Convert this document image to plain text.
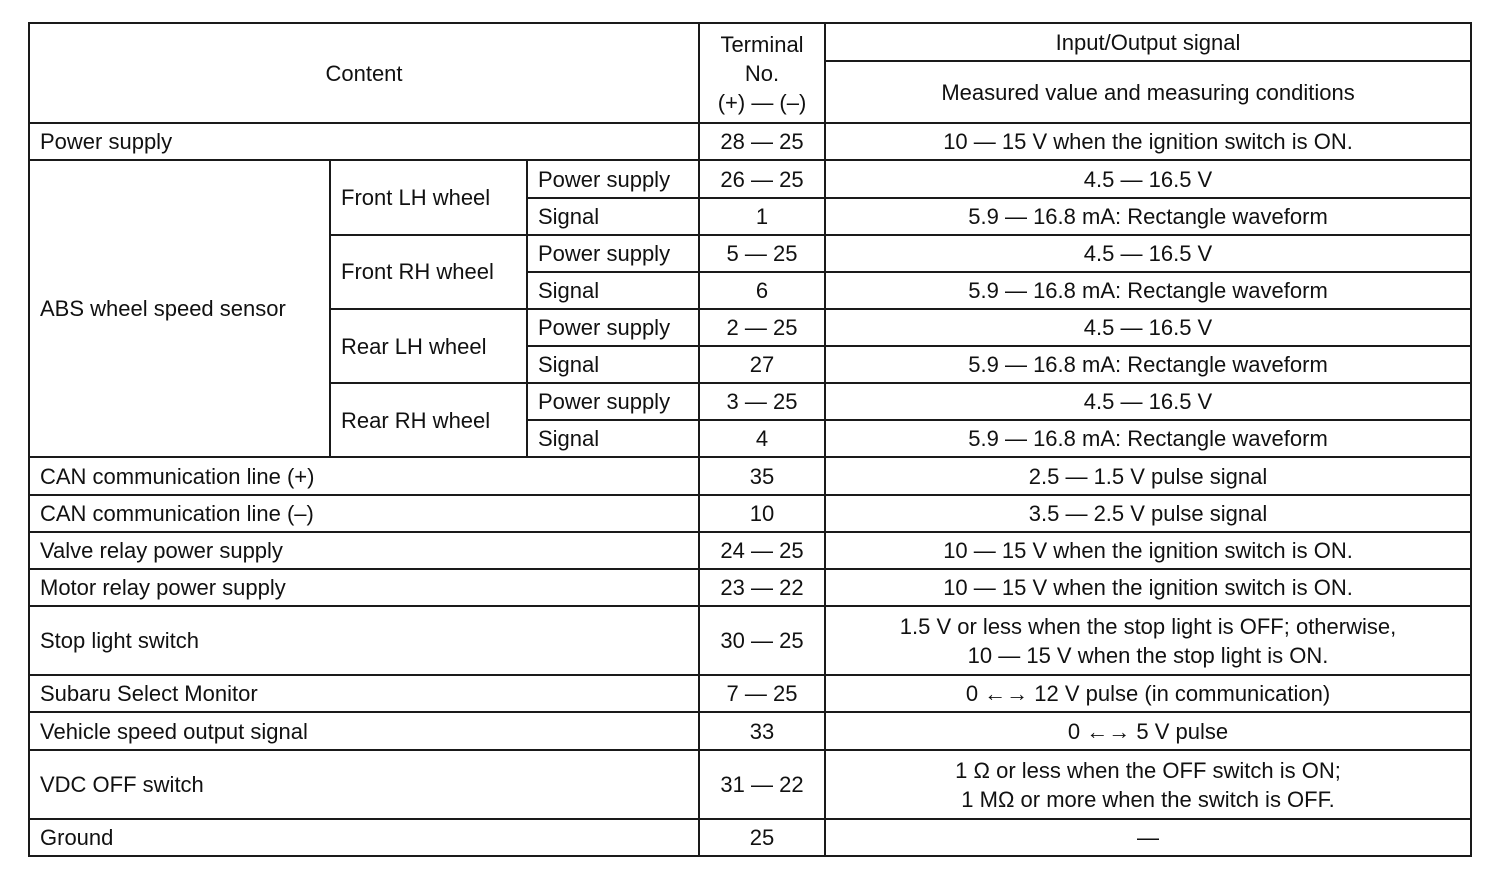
Content			Terminal
No.
(+) — (–)	Input/Output signal
				Measured value and measuring conditions
Power supply			28 — 25	10 — 15 V when the ignition switch is ON.
ABS wheel speed sensor	Front LH wheel	Power supply	26 — 25	4.5 — 16.5 V
		Signal	1	5.9 — 16.8 mA: Rectangle waveform
	Front RH wheel	Power supply	5 — 25	4.5 — 16.5 V
		Signal	6	5.9 — 16.8 mA: Rectangle waveform
	Rear LH wheel	Power supply	2 — 25	4.5 — 16.5 V
		Signal	27	5.9 — 16.8 mA: Rectangle waveform
	Rear RH wheel	Power supply	3 — 25	4.5 — 16.5 V
		Signal	4	5.9 — 16.8 mA: Rectangle waveform
CAN communication line (+)			35	2.5 — 1.5 V pulse signal
CAN communication line (–)			10	3.5 — 2.5 V pulse signal
Valve relay power supply			24 — 25	10 — 15 V when the ignition switch is ON.
Motor relay power supply			23 — 22	10 — 15 V when the ignition switch is ON.
Stop light switch			30 — 25	1.5 V or less when the stop light is OFF; otherwise,
10 — 15 V when the stop light is ON.
Subaru Select Monitor			7 — 25	0 ←→ 12 V pulse (in communication)
Vehicle speed output signal			33	0 ←→ 5 V pulse
VDC OFF switch			31 — 22	1 Ω or less when the OFF switch is ON;
1 MΩ or more when the switch is OFF.
Ground			25	—
